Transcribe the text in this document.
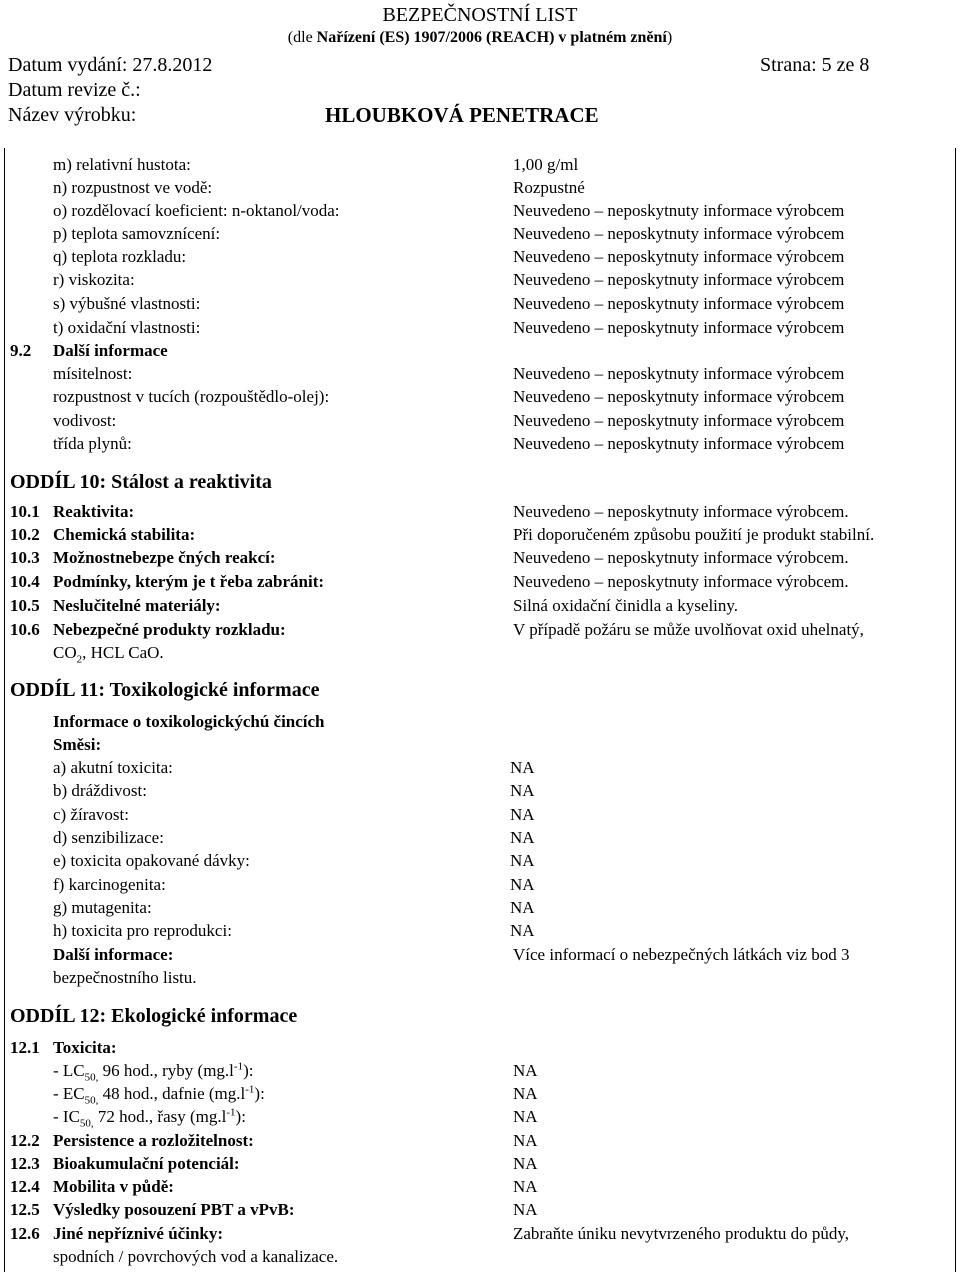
BEZPEČNOSTNÍ LIST
(dle Nařízení (ES) 1907/2006 (REACH) v platném znění)
Datum vydání: 27.8.2012	Strana: 5 ze 8
Datum revize č.:
Název výrobku:	HLOUBKOVÁ PENETRACE
m) relativní hustota:	1,00 g/ml
n) rozpustnost ve vodě:	Rozpustné
o) rozdělovací koeficient: n-oktanol/voda:	Neuvedeno – neposkytnuty informace výrobcem
p) teplota samovznícení:	Neuvedeno – neposkytnuty informace výrobcem
q) teplota rozkladu:	Neuvedeno – neposkytnuty informace výrobcem
r) viskozita:	Neuvedeno – neposkytnuty informace výrobcem
s) výbušné vlastnosti:	Neuvedeno – neposkytnuty informace výrobcem
t) oxidační vlastnosti:	Neuvedeno – neposkytnuty informace výrobcem
9.2 Další informace
mísitelnost:	Neuvedeno – neposkytnuty informace výrobcem
rozpustnost v tucích (rozpouštědlo-olej):	Neuvedeno – neposkytnuty informace výrobcem
vodivost:	Neuvedeno – neposkytnuty informace výrobcem
třída plynů:	Neuvedeno – neposkytnuty informace výrobcem
ODDÍL 10: Stálost a reaktivita
10.1 Reaktivita:	Neuvedeno – neposkytnuty informace výrobcem.
10.2 Chemická stabilita:	Při doporučeném způsobu použití je produkt stabilní.
10.3 Možnostnebezpe čných reakcí:	Neuvedeno – neposkytnuty informace výrobcem.
10.4 Podmínky, kterým je t řeba zabránit:	Neuvedeno – neposkytnuty informace výrobcem.
10.5 Neslučitelné materiály:	Silná oxidační činidla a kyseliny.
10.6 Nebezpečné produkty rozkladu:	V případě požáru se může uvolňovat oxid uhelnatý,
$CO_2$, HCL CaO.
ODDÍL 11: Toxikologické informace
Informace o toxikologickýchú čincích
Směsi:
a) akutní toxicita:	NA
b) dráždivost:	NA
c) žíravost:	NA
d) senzibilizace:	NA
e) toxicita opakované dávky:	NA
f) karcinogenita:	NA
g) mutagenita:	NA
h) toxicita pro reprodukci:	NA
Další informace:	Více informací o nebezpečných látkách viz bod 3
bezpečnostního listu.
ODDÍL 12: Ekologické informace
12.1 Toxicita:
- $LC_{50,}$ 96 hod., ryby $(mg.l^{-1})$:	NA
- $EC_{50,}$ 48 hod., dafnie $(mg.l^{-1})$:	NA
- $IC_{50,}$ 72 hod., řasy $(mg.l^{-1})$:	NA
12.2 Persistence a rozložitelnost:	NA
12.3 Bioakumulační potenciál:	NA
12.4 Mobilita v půdě:	NA
12.5 Výsledky posouzení PBT a vPvB:	NA
12.6 Jiné nepříznivé účinky:	Zabraňte úniku nevytvrzeného produktu do půdy,
spodních / povrchových vod a kanalizace.
